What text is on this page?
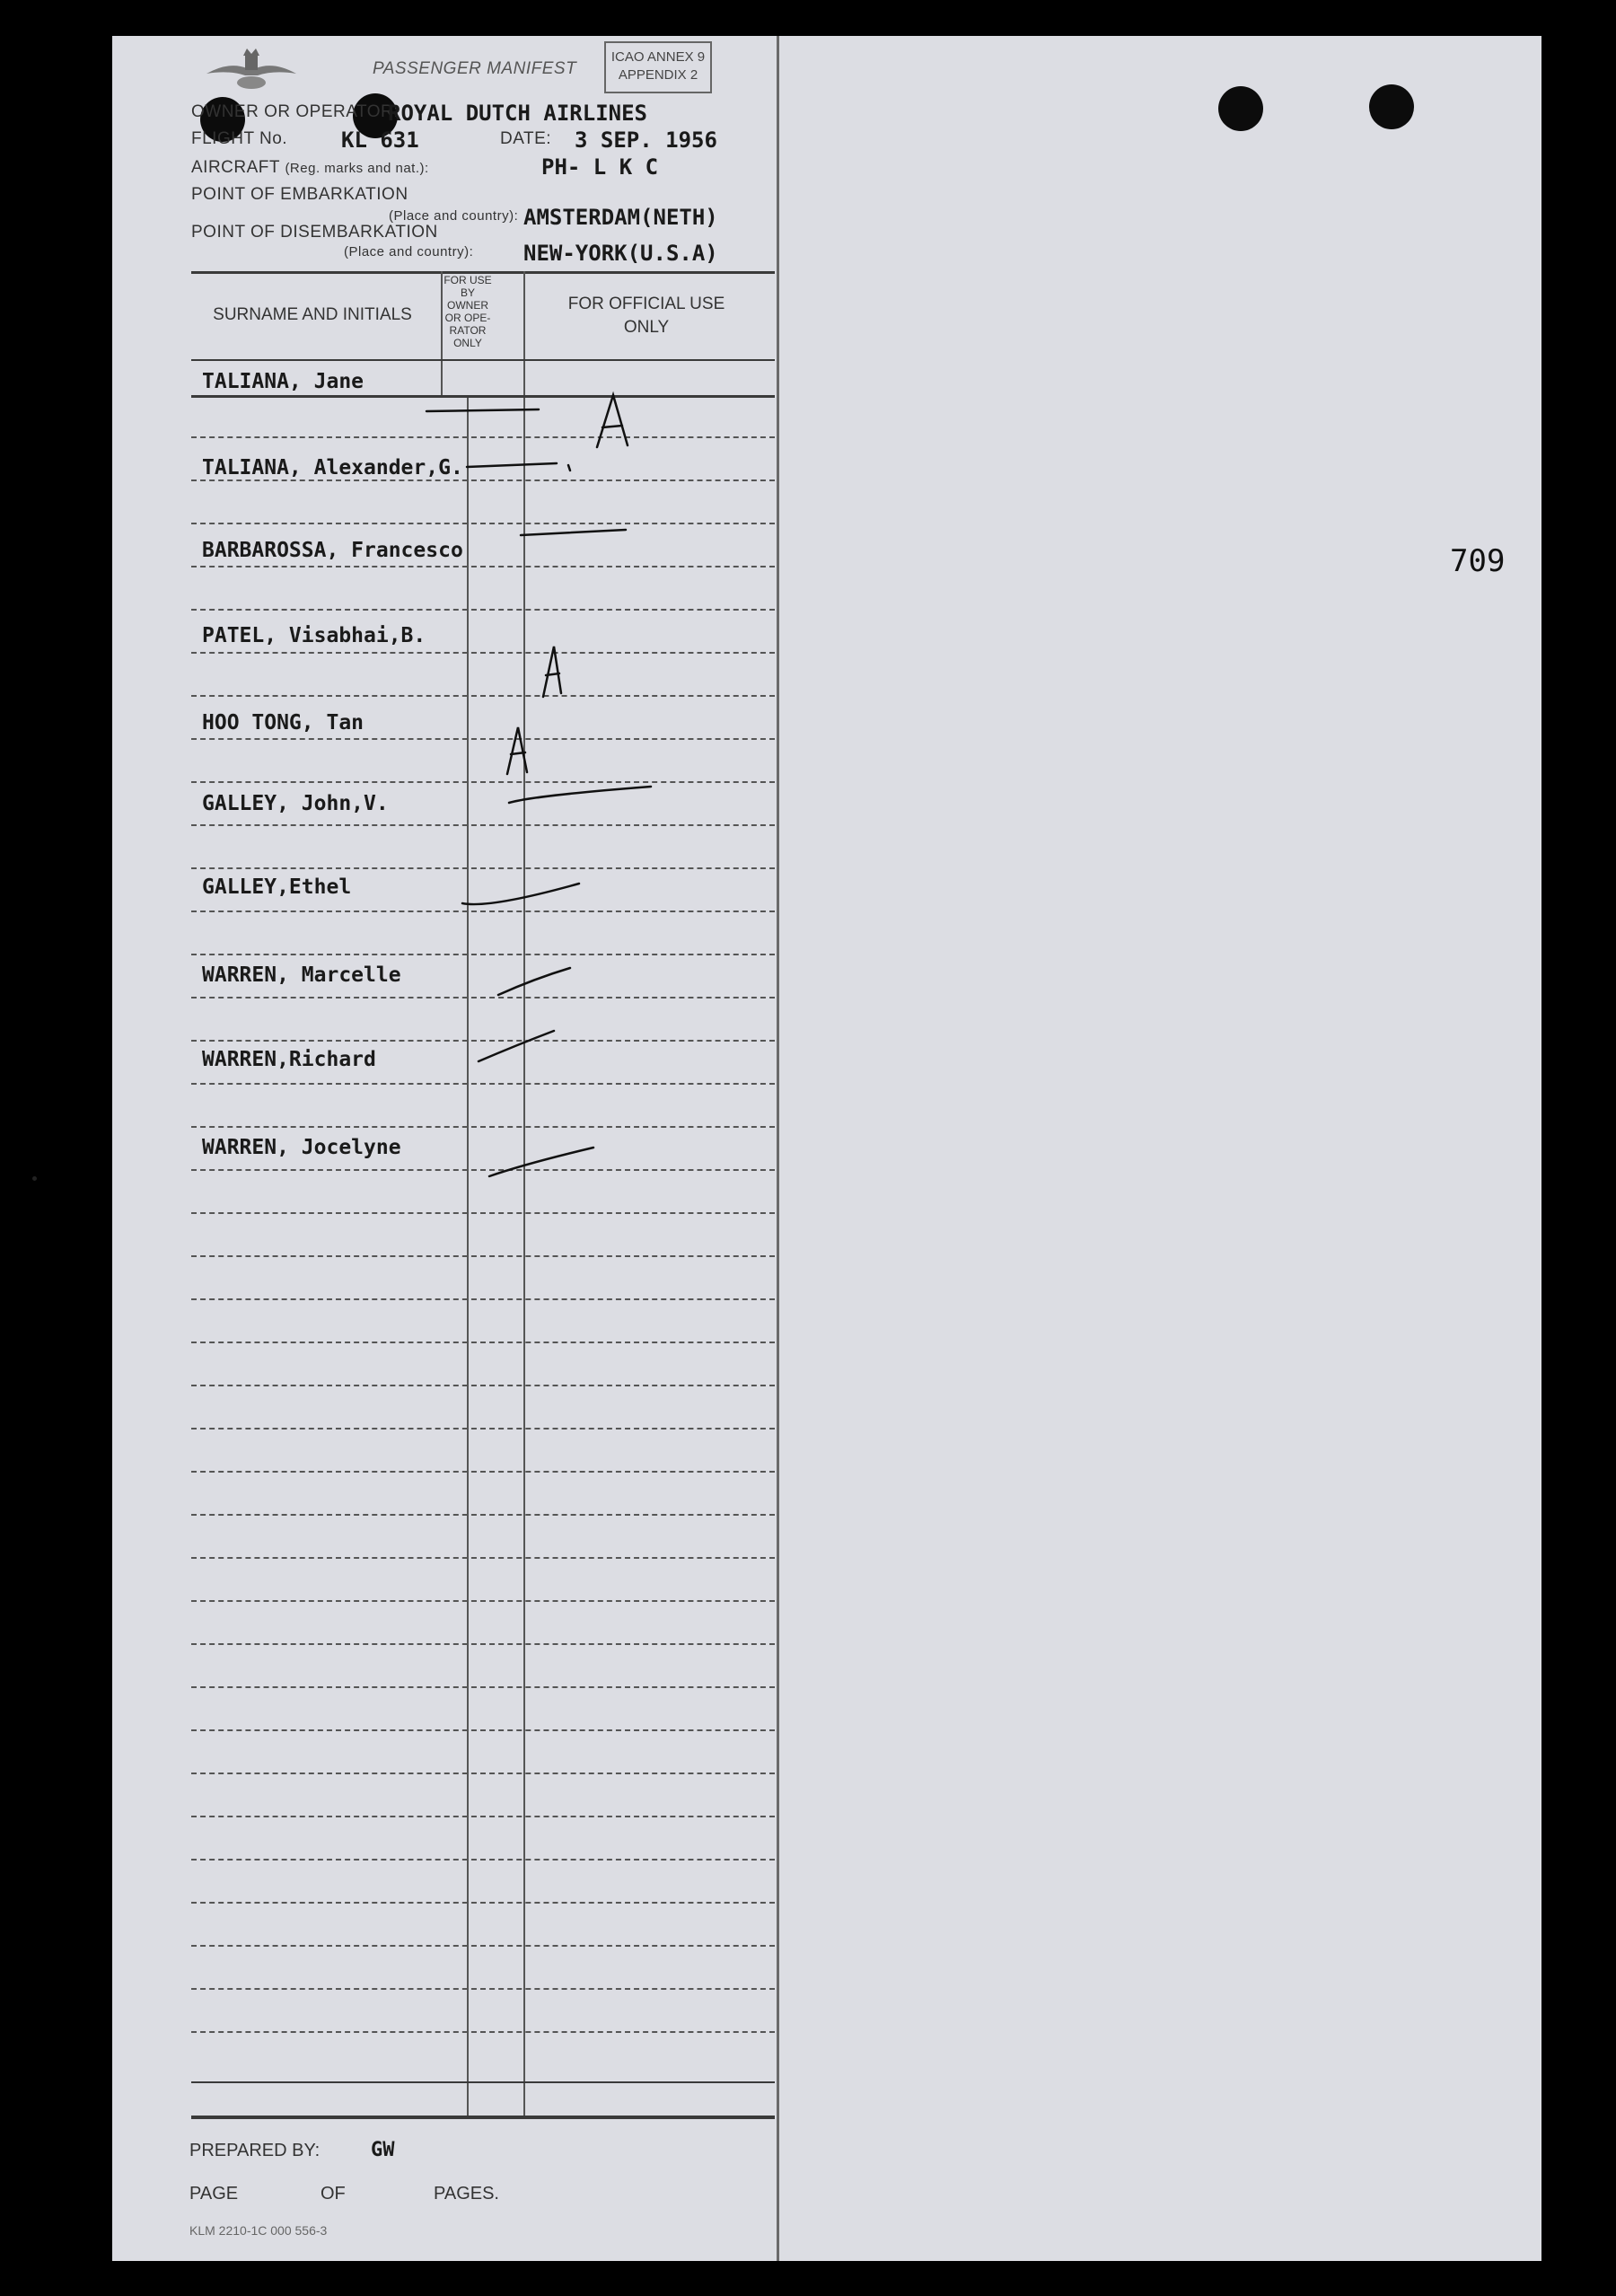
PASSENGER MANIFEST
ICAO ANNEX 9
APPENDIX 2
OWNER OR OPERATOR:
ROYAL DUTCH AIRLINES
FLIGHT No. KL 631	DATE: 3 SEP. 1956
AIRCRAFT (Reg. marks and nat.):	PH- L K C
POINT OF EMBARKATION
(Place and country): AMSTERDAM(NETH)
POINT OF DISEMBARKATION
(Place and country): NEW-YORK(U.S.A)
SURNAME AND INITIALS
FOR USE
BY
OWNER
OR OPE-
RATOR
ONLY
FOR OFFICIAL USE
ONLY
TALIANA, Jane
TALIANA, Alexander,G.
BARBAROSSA, Francesco
PATEL, Visabhai,B.
HOO TONG, Tan
GALLEY, John,V.
GALLEY,Ethel
WARREN, Marcelle
WARREN,Richard
WARREN, Jocelyne
PREPARED BY:	GW
PAGE	OF	PAGES.
KLM 2210-1C 000 556-3
709
